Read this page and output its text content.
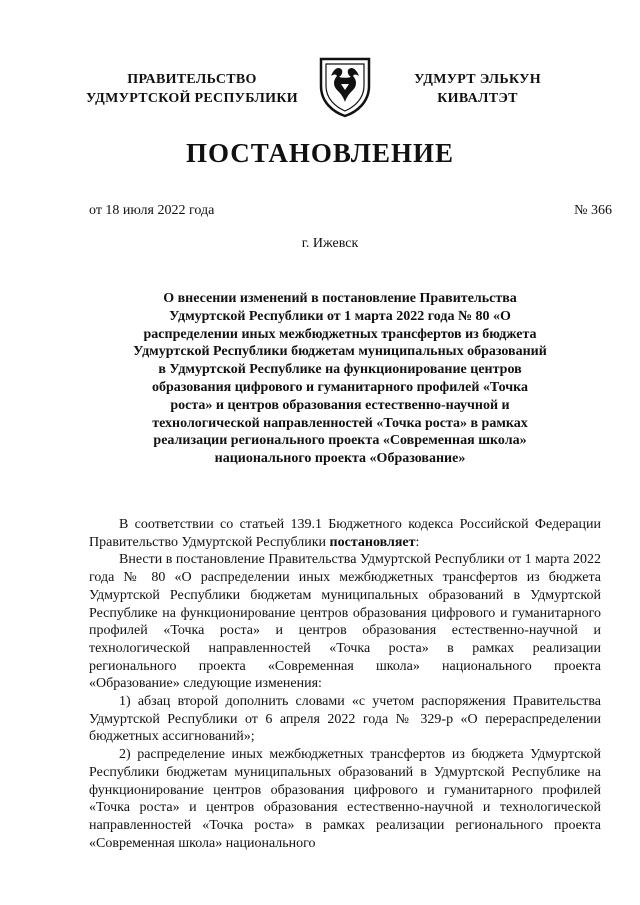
ПРАВИТЕЛЬСТВО
УДМУРТСКОЙ РЕСПУБЛИКИ
УДМУРТ ЭЛЬКУН
КИВАЛТЭТ
ПОСТАНОВЛЕНИЕ
от 18 июля 2022 года	№ 366
г. Ижевск
О внесении изменений в постановление Правительства Удмуртской Республики от 1 марта 2022 года № 80 «О распределении иных межбюджетных трансфертов из бюджета Удмуртской Республики бюджетам муниципальных образований в Удмуртской Республике на функционирование центров образования цифрового и гуманитарного профилей «Точка роста» и центров образования естественно-научной и технологической направленностей «Точка роста» в рамках реализации регионального проекта «Современная школа» национального проекта «Образование»

В соответствии со статьей 139.1 Бюджетного кодекса Российской Федерации Правительство Удмуртской Республики постановляет:

Внести в постановление Правительства Удмуртской Республики от 1 марта 2022 года № 80 «О распределении иных межбюджетных трансфертов из бюджета Удмуртской Республики бюджетам муниципальных образований в Удмуртской Республике на функционирование центров образования цифрового и гуманитарного профилей «Точка роста» и центров образования естественно-научной и технологической направленностей «Точка роста» в рамках реализации регионального проекта «Современная школа» национального проекта «Образование» следующие изменения:

1) абзац второй дополнить словами «с учетом распоряжения Правительства Удмуртской Республики от 6 апреля 2022 года № 329-р «О перераспределении бюджетных ассигнований»;

2) распределение иных межбюджетных трансфертов из бюджета Удмуртской Республики бюджетам муниципальных образований в Удмуртской Республике на функционирование центров образования цифрового и гуманитарного профилей «Точка роста» и центров образования естественно-научной и технологической направленностей «Точка роста» в рамках реализации регионального проекта «Современная школа» национального
